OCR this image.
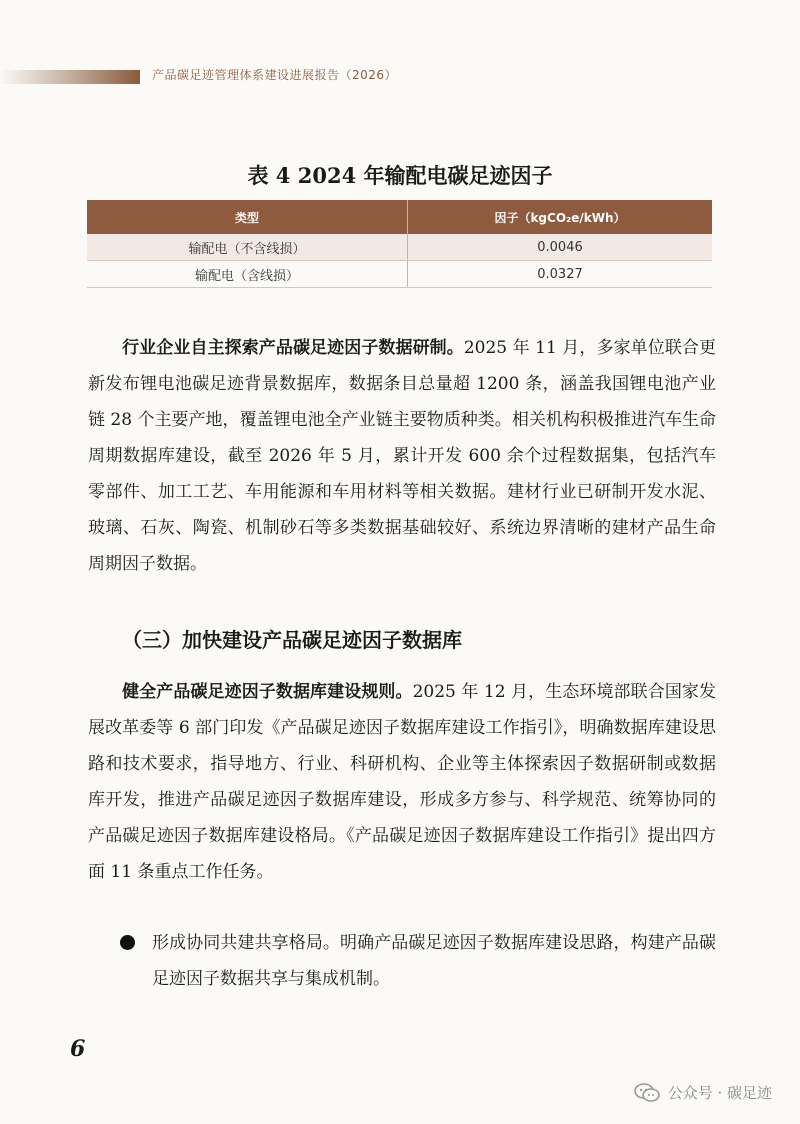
产品碳足迹管理体系建设进展报告（2026）
表 4 2024 年输配电碳足迹因子
类型	因子（kgCO₂e/kWh）
输配电（不含线损）	0.0046
输配电（含线损）	0.0327
行业企业自主探索产品碳足迹因子数据研制。2025 年 11 月，多家单位联合更新发布锂电池碳足迹背景数据库，数据条目总量超 1200 条，涵盖我国锂电池产业链 28 个主要产地，覆盖锂电池全产业链主要物质种类。相关机构积极推进汽车生命周期数据库建设，截至 2026 年 5 月，累计开发 600 余个过程数据集，包括汽车零部件、加工工艺、车用能源和车用材料等相关数据。建材行业已研制开发水泥、玻璃、石灰、陶瓷、机制砂石等多类数据基础较好、系统边界清晰的建材产品生命周期因子数据。
（三）加快建设产品碳足迹因子数据库
健全产品碳足迹因子数据库建设规则。2025 年 12 月，生态环境部联合国家发展改革委等 6 部门印发《产品碳足迹因子数据库建设工作指引》，明确数据库建设思路和技术要求，指导地方、行业、科研机构、企业等主体探索因子数据研制或数据库开发，推进产品碳足迹因子数据库建设，形成多方参与、科学规范、统筹协同的产品碳足迹因子数据库建设格局。《产品碳足迹因子数据库建设工作指引》提出四方面 11 条重点工作任务。
形成协同共建共享格局。明确产品碳足迹因子数据库建设思路，构建产品碳足迹因子数据共享与集成机制。
6
公众号 · 碳足迹
